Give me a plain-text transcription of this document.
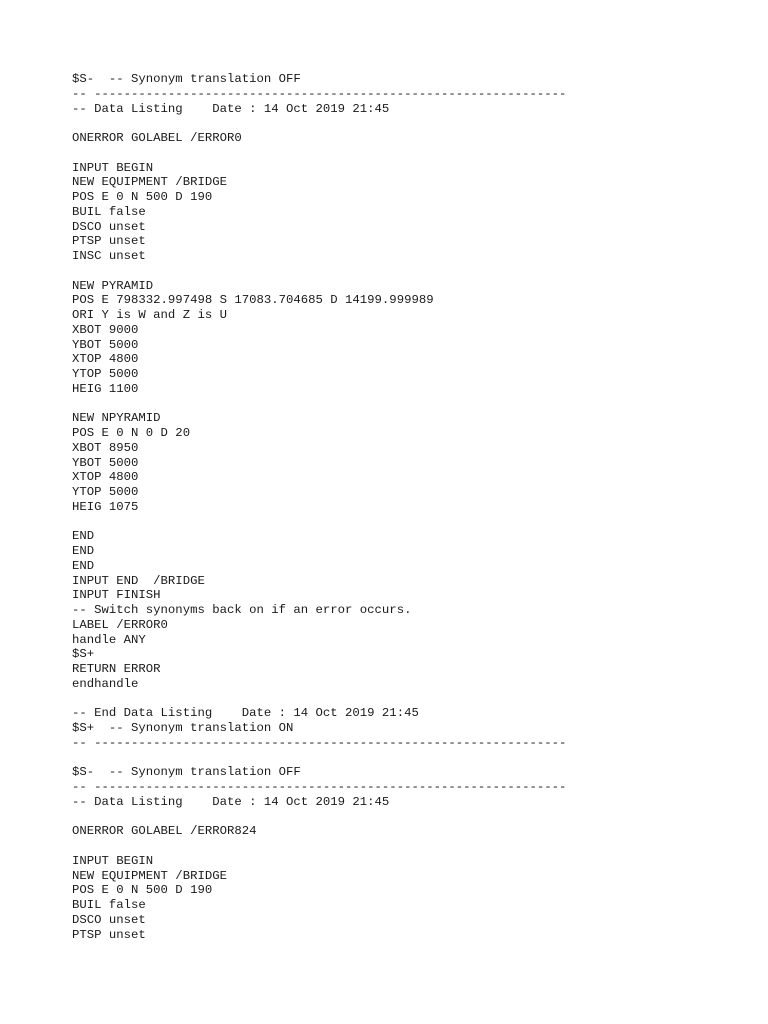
$S-  -- Synonym translation OFF
-- ----------------------------------------------------------------
-- Data Listing    Date : 14 Oct 2019 21:45
ONERROR GOLABEL /ERROR0
INPUT BEGIN
NEW EQUIPMENT /BRIDGE
POS E 0 N 500 D 190
BUIL false
DSCO unset
PTSP unset
INSC unset
NEW PYRAMID
POS E 798332.997498 S 17083.704685 D 14199.999989
ORI Y is W and Z is U
XBOT 9000
YBOT 5000
XTOP 4800
YTOP 5000
HEIG 1100
NEW NPYRAMID
POS E 0 N 0 D 20
XBOT 8950
YBOT 5000
XTOP 4800
YTOP 5000
HEIG 1075
END
END
END
INPUT END  /BRIDGE
INPUT FINISH
-- Switch synonyms back on if an error occurs.
LABEL /ERROR0
handle ANY
$S+
RETURN ERROR
endhandle
-- End Data Listing    Date : 14 Oct 2019 21:45
$S+  -- Synonym translation ON
-- ----------------------------------------------------------------
$S-  -- Synonym translation OFF
-- ----------------------------------------------------------------
-- Data Listing    Date : 14 Oct 2019 21:45
ONERROR GOLABEL /ERROR824
INPUT BEGIN
NEW EQUIPMENT /BRIDGE
POS E 0 N 500 D 190
BUIL false
DSCO unset
PTSP unset
